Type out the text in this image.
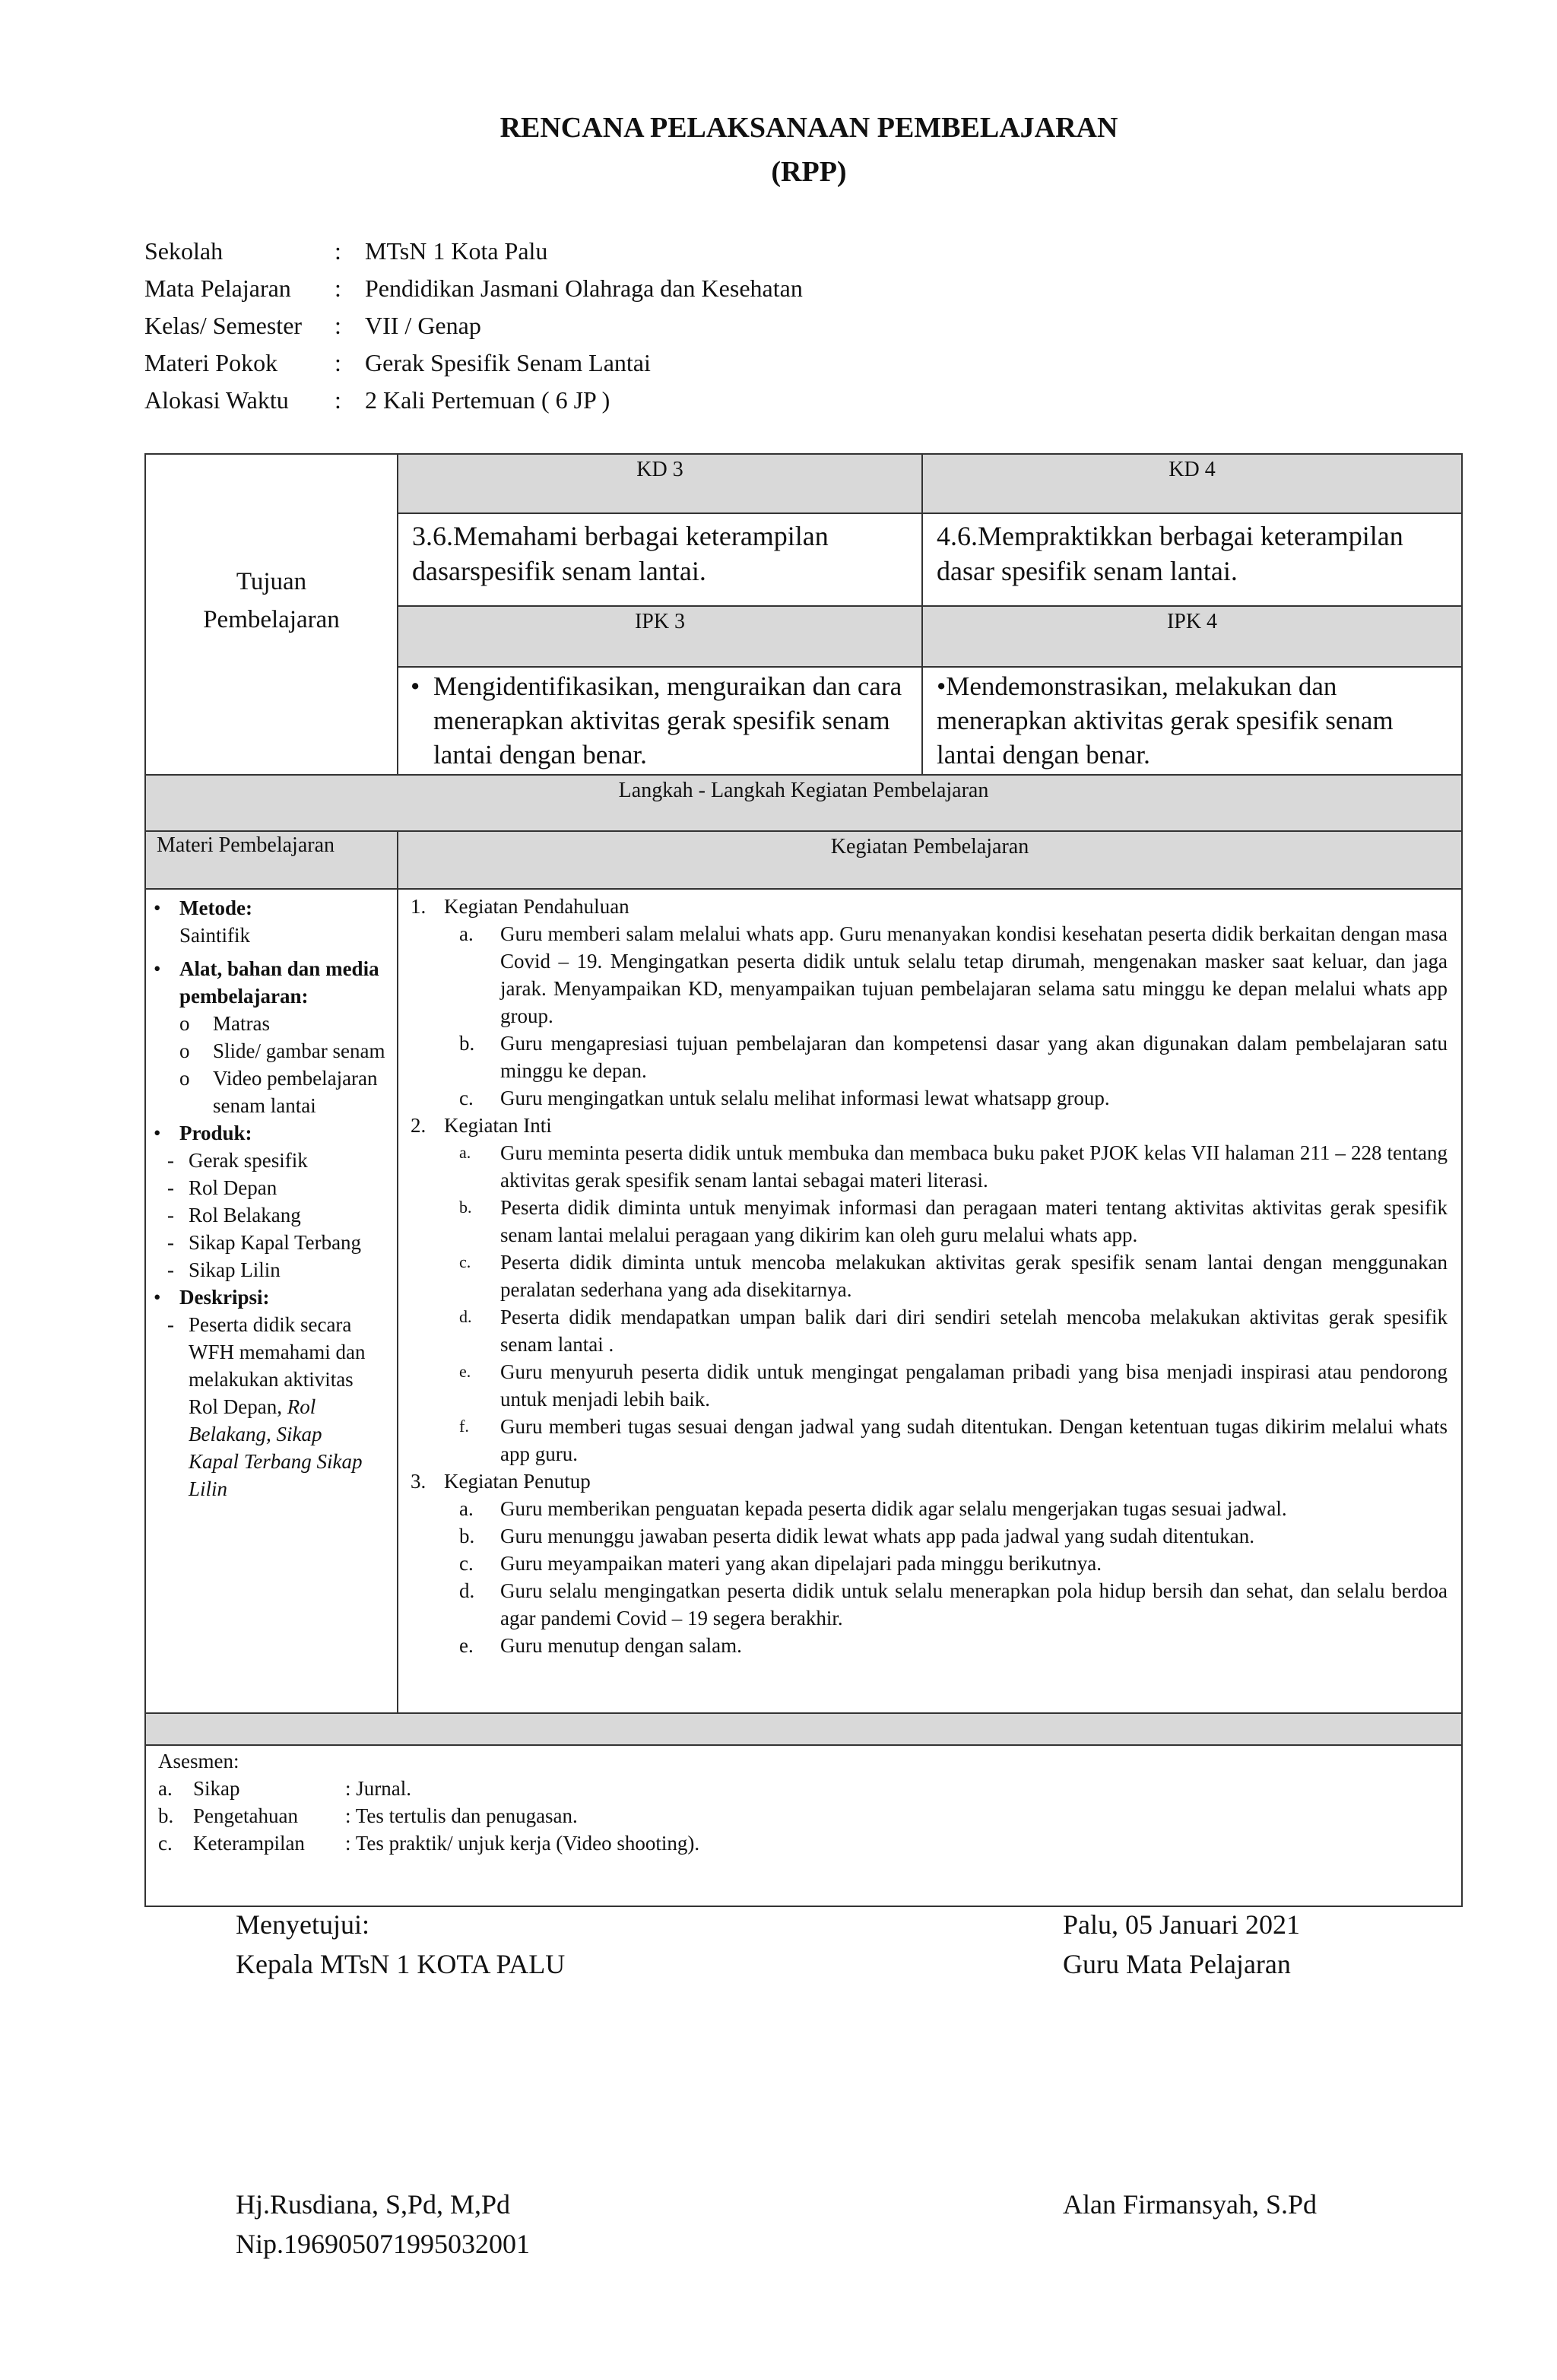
RENCANA PELAKSANAAN PEMBELAJARAN
(RPP)
Sekolah	: MTsN 1 Kota Palu
Mata Pelajaran	: Pendidikan Jasmani Olahraga dan Kesehatan
Kelas/ Semester	: VII / Genap
Materi Pokok	: Gerak Spesifik Senam Lantai
Alokasi Waktu	: 2 Kali Pertemuan ( 6 JP )
Tujuan
Pembelajaran
KD 3	KD 4
3.6.Memahami berbagai keterampilan dasarspesifik senam lantai.
4.6.Mempraktikkan berbagai keterampilan dasar spesifik senam lantai.
IPK 3	IPK 4
• Mengidentifikasikan, menguraikan dan cara menerapkan aktivitas gerak spesifik senam lantai dengan benar.
•Mendemonstrasikan, melakukan dan menerapkan aktivitas gerak spesifik senam lantai dengan benar.
Langkah - Langkah Kegiatan Pembelajaran
Materi Pembelajaran	Kegiatan Pembelajaran
• Metode:
Saintifik
• Alat, bahan dan media pembelajaran:
o	Matras
o	Slide/ gambar senam
o	Video pembelajaran senam lantai
• Produk:
- Gerak spesifik
- Rol Depan
- Rol Belakang
- Sikap Kapal Terbang
- Sikap Lilin
• Deskripsi:
- Peserta didik secara WFH memahami dan melakukan aktivitas Rol Depan, Rol Belakang, Sikap Kapal Terbang Sikap Lilin
1. Kegiatan Pendahuluan
a.	Guru memberi salam melalui whats app. Guru menanyakan kondisi kesehatan peserta didik berkaitan dengan masa Covid – 19. Mengingatkan peserta didik untuk selalu tetap dirumah, mengenakan masker saat keluar, dan jaga jarak. Menyampaikan KD, menyampaikan tujuan pembelajaran selama satu minggu ke depan melalui whats app group.
b.	Guru mengapresiasi tujuan pembelajaran dan kompetensi dasar yang akan digunakan dalam pembelajaran satu minggu ke depan.
c.	Guru mengingatkan untuk selalu melihat informasi lewat whatsapp group.
2. Kegiatan Inti
a.	Guru meminta peserta didik untuk membuka dan membaca buku paket PJOK kelas VII halaman 211 – 228 tentang aktivitas gerak spesifik senam lantai sebagai materi literasi.
b.	Peserta didik diminta untuk menyimak informasi dan peragaan materi tentang aktivitas aktivitas gerak spesifik senam lantai melalui peragaan yang dikirim kan oleh guru melalui whats app.
c.	Peserta didik diminta untuk mencoba melakukan aktivitas gerak spesifik senam lantai dengan menggunakan peralatan sederhana yang ada disekitarnya.
d.	Peserta didik mendapatkan umpan balik dari diri sendiri setelah mencoba melakukan aktivitas gerak spesifik senam lantai .
e.	Guru menyuruh peserta didik untuk mengingat pengalaman pribadi yang bisa menjadi inspirasi atau pendorong untuk menjadi lebih baik.
f.	Guru memberi tugas sesuai dengan jadwal yang sudah ditentukan. Dengan ketentuan tugas dikirim melalui whats app guru.
3. Kegiatan Penutup
a.	Guru memberikan penguatan kepada peserta didik agar selalu mengerjakan tugas sesuai jadwal.
b.	Guru menunggu jawaban peserta didik lewat whats app pada jadwal yang sudah ditentukan.
c.	Guru meyampaikan materi yang akan dipelajari pada minggu berikutnya.
d.	Guru selalu mengingatkan peserta didik untuk selalu menerapkan pola hidup bersih dan sehat, dan selalu berdoa agar pandemi Covid – 19 segera berakhir.
e.	Guru menutup dengan salam.
Asesmen:
a.	Sikap	: Jurnal.
b. Pengetahuan	: Tes tertulis dan penugasan.
c.	Keterampilan	: Tes praktik/ unjuk kerja (Video shooting).
Menyetujui:
Kepala MTsN 1 KOTA PALU
Palu, 05 Januari 2021
Guru Mata Pelajaran
Hj.Rusdiana, S,Pd, M,Pd
Nip.196905071995032001
Alan Firmansyah, S.Pd
